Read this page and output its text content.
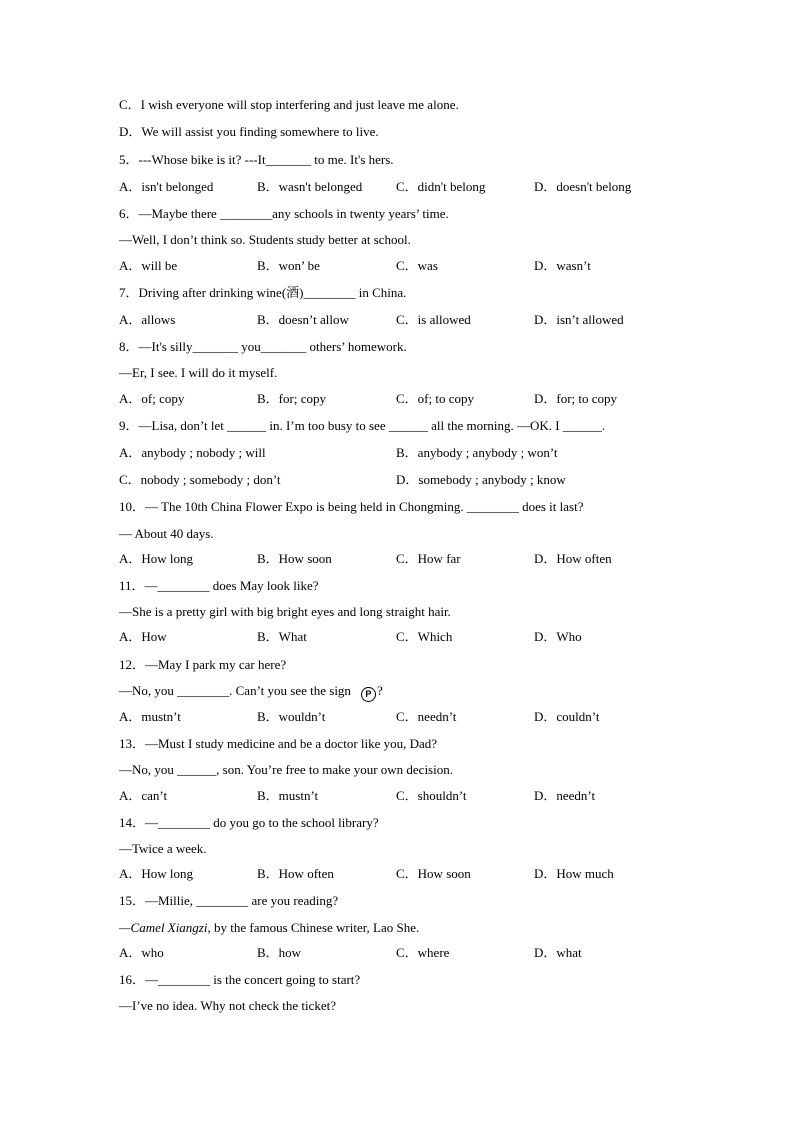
C．I wish everyone will stop interfering and just leave me alone.
D．We will assist you finding somewhere to live.
5．---Whose bike is it? ---It_______ to me. It's hers.
A．isn't belonged	B．wasn't belonged	C．didn't belong	D．doesn't belong
6．—Maybe there ________any schools in twenty years’ time.
—Well, I don’t think so. Students study better at school.
A．will be	B．won’ be	C．was	D．wasn’t
7．Driving after drinking wine(酒)________ in China.
A．allows	B．doesn’t allow	C．is allowed	D．isn’t allowed
8．—It's silly_______ you_______ others’ homework.
—Er, I see. I will do it myself.
A．of; copy	B．for; copy	C．of; to copy	D．for; to copy
9．—Lisa, don’t let ______ in. I’m too busy to see ______ all the morning. —OK. I ______.
A．anybody ; nobody ; will	B．anybody ; anybody ; won’t
C．nobody ; somebody ; don’t	D．somebody ; anybody ; know
10．— The 10th China Flower Expo is being held in Chongming. ________ does it last?
— About 40 days.
A．How long	B．How soon	C．How far	D．How often
11．—________ does May look like?
—She is a pretty girl with big bright eyes and long straight hair.
A．How	B．What	C．Which	D．Who
12．—May I park my car here?
—No, you ________. Can’t you see the sign P ?
A．mustn’t	B．wouldn’t	C．needn’t	D．couldn’t
13．—Must I study medicine and be a doctor like you, Dad?
—No, you ______, son. You’re free to make your own decision.
A．can’t	B．mustn’t	C．shouldn’t	D．needn’t
14．—________ do you go to the school library?
—Twice a week.
A．How long	B．How often	C．How soon	D．How much
15．—Millie, ________ are you reading?
—Camel Xiangzi, by the famous Chinese writer, Lao She.
A．who	B．how	C．where	D．what
16．—________ is the concert going to start?
—I’ve no idea. Why not check the ticket?
